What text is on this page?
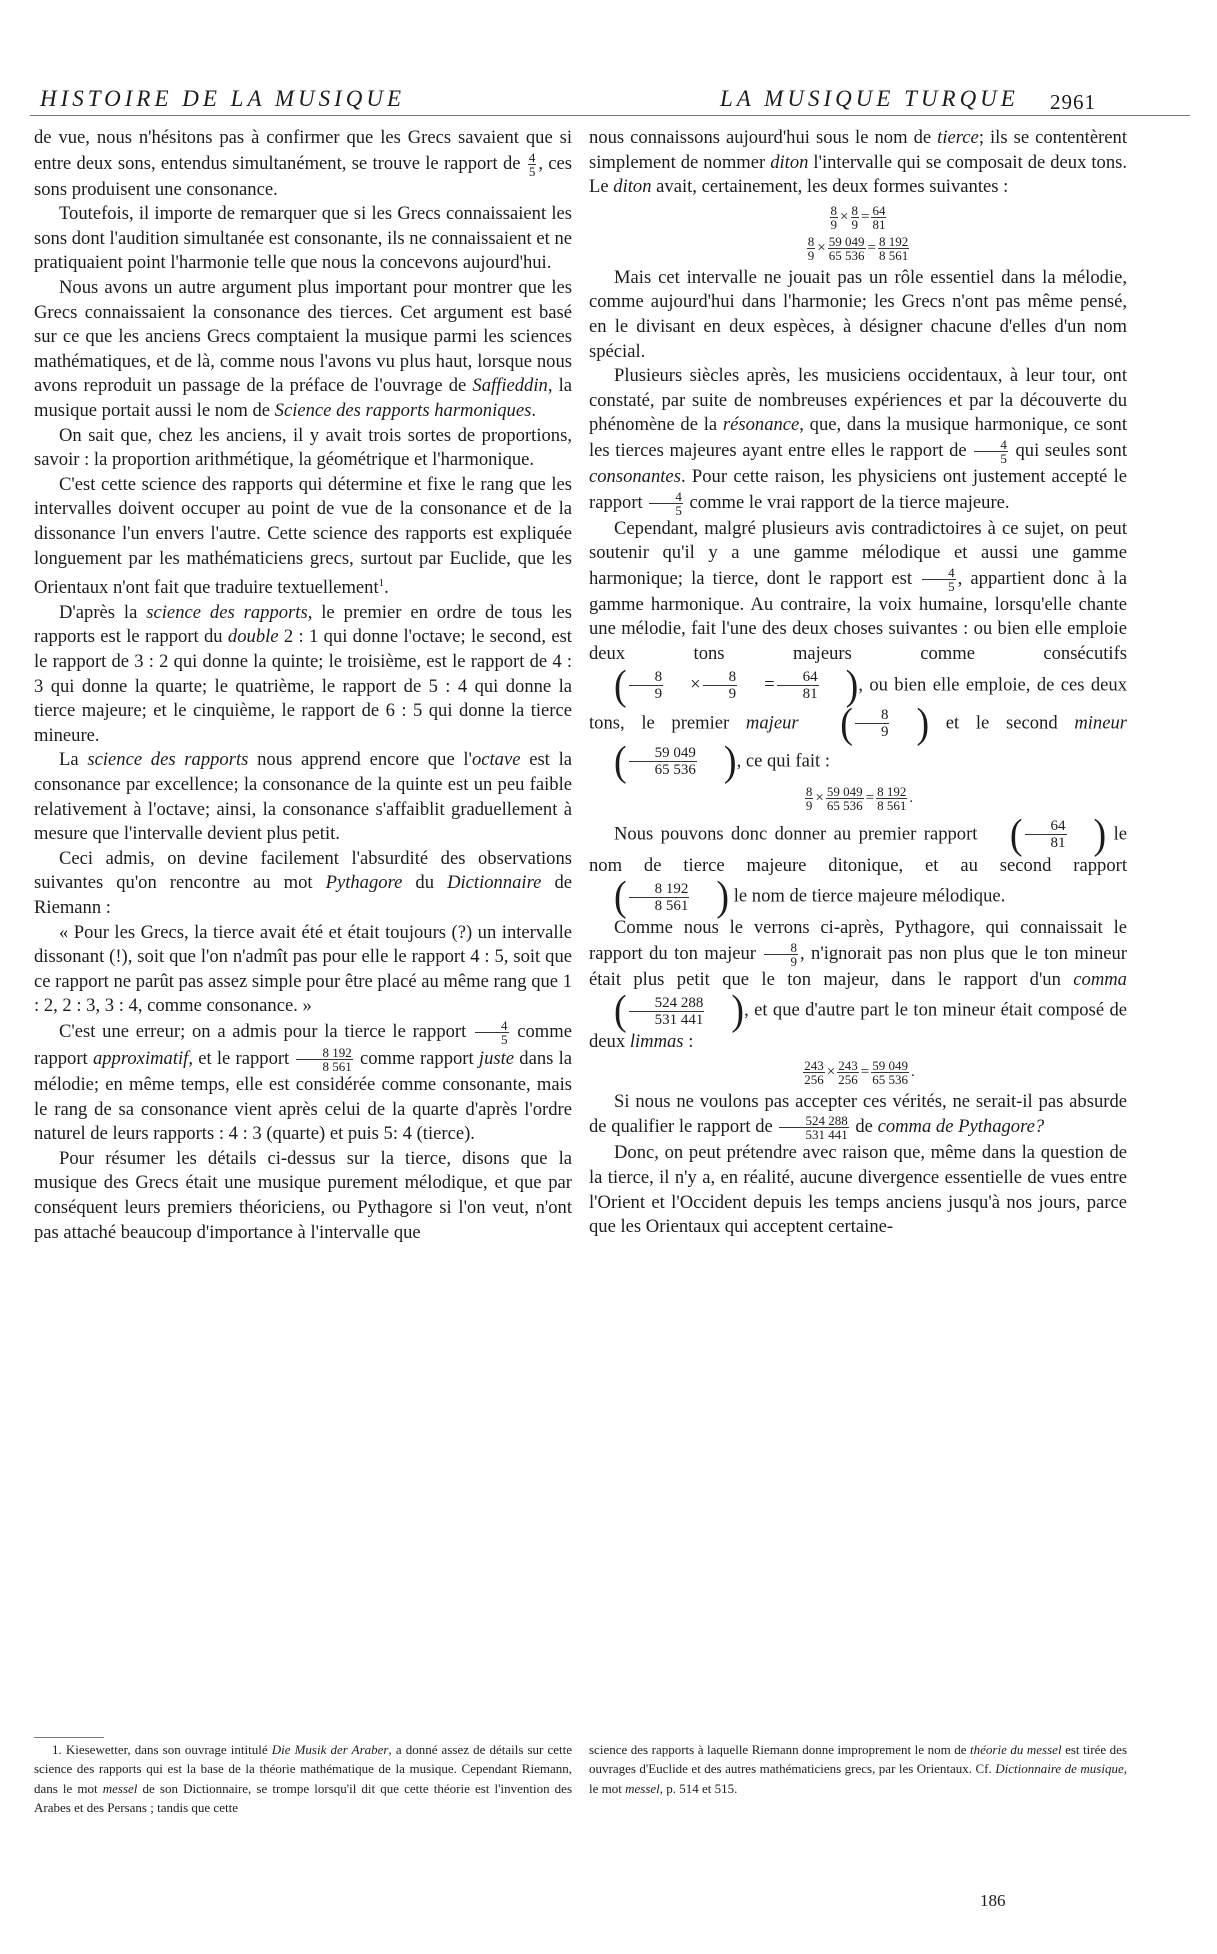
HISTOIRE DE LA MUSIQUE	LA MUSIQUE TURQUE 2961

de vue, nous n'hésitons pas à confirmer que les Grecs savaient que si entre deux sons, entendus simultanément, se trouve le rapport de $\frac{4}{5}$ , ces sons produisent une consonance.

Toutefois, il importe de remarquer que si les Grecs connaissaient les sons dont l'audition simultanée est consonante, ils ne connaissaient et ne pratiquaient point l'harmonie telle que nous la concevons aujourd'hui.

Nous avons un autre argument plus important pour montrer que les Grecs connaissaient la consonance des tierces. Cet argument est basé sur ce que les anciens Grecs comptaient la musique parmi les sciences mathématiques, et de là, comme nous l'avons vu plus haut, lorsque nous avons reproduit un passage de la préface de l'ouvrage de Saffieddin, la musique portait aussi le nom de Science des rapports harmoniques.

On sait que, chez les anciens, il y avait trois sortes de proportions, savoir : la proportion arithmétique, la géométrique et l'harmonique.

C'est cette science des rapports qui détermine et fixe le rang que les intervalles doivent occuper au point de vue de la consonance et de la dissonance l'un envers l'autre. Cette science des rapports est expliquée longuement par les mathématiciens grecs, surtout par Euclide, que les Orientaux n'ont fait que traduire textuellement$^1$.

D'après la science des rapports, le premier en ordre de tous les rapports est le rapport du double 2 : 1 qui donne l'octave; le second, est le rapport de 3 : 2 qui donne la quinte; le troisième, est le rapport de 4 : 3 qui donne la quarte; le quatrième, le rapport de 5 : 4 qui donne la tierce majeure; et le cinquième, le rapport de 6 : 5 qui donne la tierce mineure.

La science des rapports nous apprend encore que l'octave est la consonance par excellence; la consonance de la quinte est un peu faible relativement à l'octave; ainsi, la consonance s'affaiblit graduellement à mesure que l'intervalle devient plus petit.

Ceci admis, on devine facilement l'absurdité des observations suivantes qu'on rencontre au mot Pythagore du Dictionnaire de Riemann :

« Pour les Grecs, la tierce avait été et était toujours (?) un intervalle dissonant (!), soit que l'on n'admît pas pour elle le rapport 4 : 5, soit que ce rapport ne parût pas assez simple pour être placé au même rang que 1 : 2, 2 : 3, 3 : 4, comme consonance. »

C'est une erreur; on a admis pour la tierce le rapport $\frac{4}{5}$ comme rapport approximatif, et le rapport $\frac{8 192}{8 561}$ comme rapport juste dans la mélodie; en même temps, elle est considérée comme consonante, mais le rang de sa consonance vient après celui de la quarte d'après l'ordre naturel de leurs rapports : 4 : 3 (quarte) et puis 5: 4 (tierce).

Pour résumer les détails ci-dessus sur la tierce, disons que la musique des Grecs était une musique purement mélodique, et que par conséquent leurs premiers théoriciens, ou Pythagore si l'on veut, n'ont pas attaché beaucoup d'importance à l'intervalle que

nous connaissons aujourd'hui sous le nom de tierce; ils se contentèrent simplement de nommer diton l'intervalle qui se composait de deux tons. Le diton avait, certainement, les deux formes suivantes :

$\frac{8}{9} \times \frac{8}{9} = \frac{64}{81}$
$\frac{8}{9} \times \frac{59 049}{65 536} = \frac{8 192}{8 561}$

Mais cet intervalle ne jouait pas un rôle essentiel dans la mélodie, comme aujourd'hui dans l'harmonie; les Grecs n'ont pas même pensé, en le divisant en deux espèces, à désigner chacune d'elles d'un nom spécial.

Plusieurs siècles après, les musiciens occidentaux, à leur tour, ont constaté, par suite de nombreuses expériences et par la découverte du phénomène de la résonance, que, dans la musique harmonique, ce sont les tierces majeures ayant entre elles le rapport de $\frac{4}{5}$ qui seules sont consonantes. Pour cette raison, les physiciens ont justement accepté le rapport $\frac{4}{5}$ comme le vrai rapport de la tierce majeure.

Cependant, malgré plusieurs avis contradictoires à ce sujet, on peut soutenir qu'il y a une gamme mélodique et aussi une gamme harmonique; la tierce, dont le rapport est $\frac{4}{5}$ , appartient donc à la gamme harmonique. Au contraire, la voix humaine, lorsqu'elle chante une mélodie, fait l'une des deux choses suivantes : ou bien elle emploie deux tons majeurs comme consécutifs
( $\frac{8}{9}$	× $\frac{8}{9}$	= $\frac{64}{81}$ ) , ou bien elle emploie, de ces deux tons, le premier majeur	( $\frac{8}{9}$ ) et le second mineur
( $\frac{59 049}{65 536}$ ) , ce qui fait :

$\frac{8}{9} \times \frac{59 049}{65 536} = \frac{8 192}{8 561}$ .

Nous pouvons donc donner au premier rapport ( $\frac{64}{81}$ ) le nom de tierce majeure ditonique, et au second rapport
( $\frac{8 192}{8 561}$ ) le nom de tierce majeure mélodique.

Comme nous le verrons ci-après, Pythagore, qui connaissait le rapport du ton majeur $\frac{8}{9}$ , n'ignorait pas non plus que le ton mineur était plus petit que le ton majeur, dans le rapport d'un comma
( $\frac{524 288}{531 441}$ ) , et que d'autre part le ton mineur était composé de deux limmas :

$\frac{243}{256} \times \frac{243}{256} = \frac{59 049}{65 536}$ .

Si nous ne voulons pas accepter ces vérités, ne serait-il pas absurde de qualifier le rapport de $\frac{524 288}{531 441}$ de comma de Pythagore?

Donc, on peut prétendre avec raison que, même dans la question de la tierce, il n'y a, en réalité, aucune divergence essentielle de vues entre l'Orient et l'Occident depuis les temps anciens jusqu'à nos jours, parce que les Orientaux qui acceptent certaine-

1. Kiesewetter, dans son ouvrage intitulé Die Musik der Araber, a donné assez de détails sur cette science des rapports qui est la base de la théorie mathématique de la musique. Cependant Riemann, dans le mot messel de son Dictionnaire, se trompe lorsqu'il dit que cette théorie est l'invention des Arabes et des Persans ; tandis que cette

science des rapports à laquelle Riemann donne improprement le nom de théorie du messel est tirée des ouvrages d'Euclide et des autres mathématiciens grecs, par les Orientaux. Cf. Dictionnaire de musique, le mot messel, p. 514 et 515.

186
